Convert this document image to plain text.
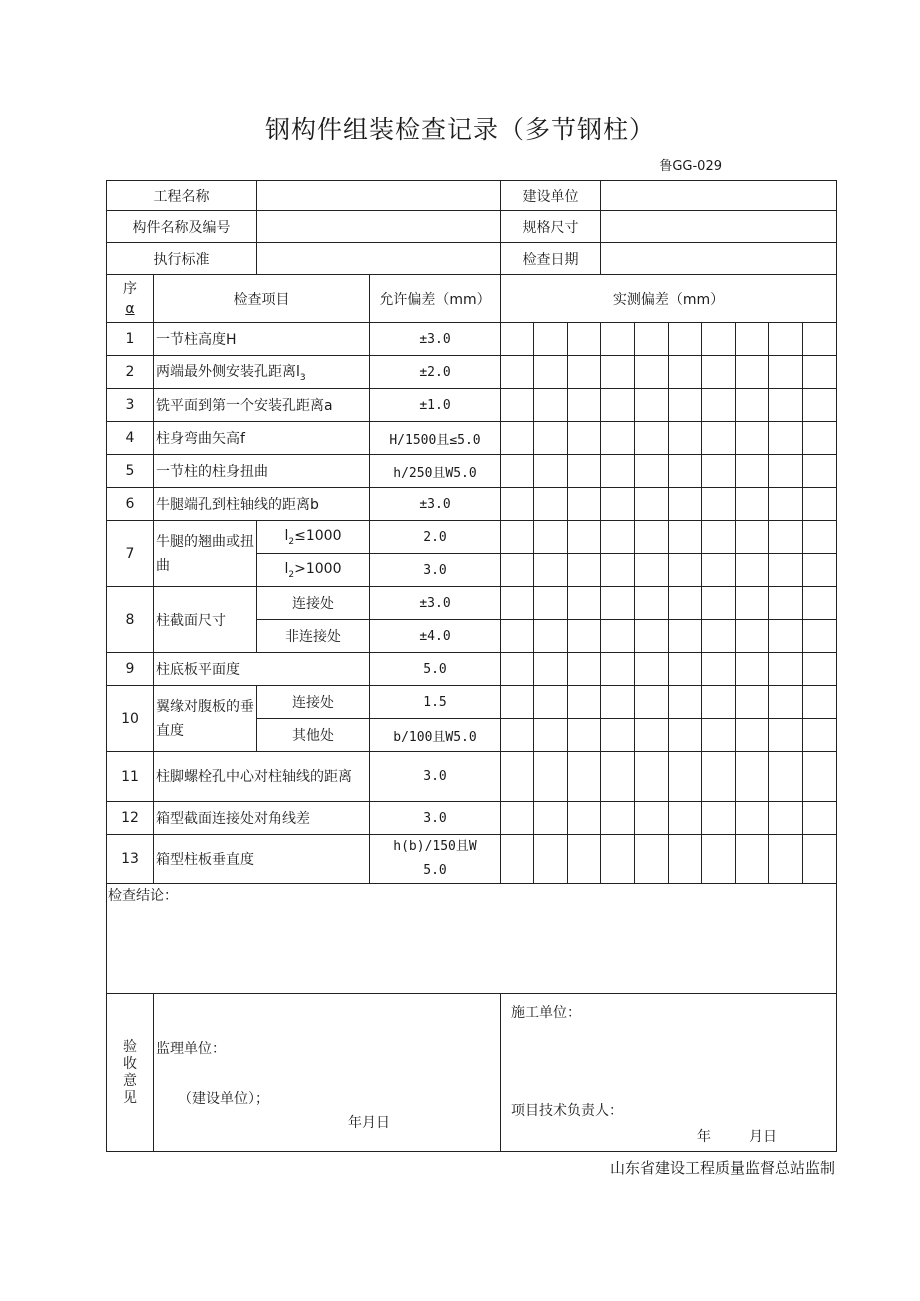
钢构件组装检查记录（多节钢柱）
鲁GG-029
工程名称				建设单位									
构件名称及编号				规格尺寸									
执行标准				检查日期									

序
α	检查项目		允许偏差（mm）	实测偏差（mm）									
1	一节柱高度H		±3.0										
2	两端最外侧安装孔距离$l_3$		±2.0										
3	铣平面到第一个安装孔距离a		±1.0										
4	柱身弯曲矢高f		H/1500且≤5.0										
5	一节柱的柱身扭曲		h/250且W5.0										
6	牛腿端孔到柱轴线的距离b		±3.0										
7	牛腿的翘曲或扭曲	$l_2\le 1000$	2.0										
		$l_2>1000$	3.0										
8	柱截面尺寸	连接处	±3.0										
		非连接处	±4.0										
9	柱底板平面度		5.0										
10	翼缘对腹板的垂直度	连接处	1.5										
		其他处	b/100且W5.0										
11	柱脚螺栓孔中心对柱轴线的距离		3.0										
12	箱型截面连接处对角线差		3.0										
13	箱型柱板垂直度		h(b)/150且W
5.0										

检查结论：													

验
收
意
见	监理单位：
（建设单位）；
年月日			施工单位：
项目技术负责人：
年 月日									
山东省建设工程质量监督总站监制
